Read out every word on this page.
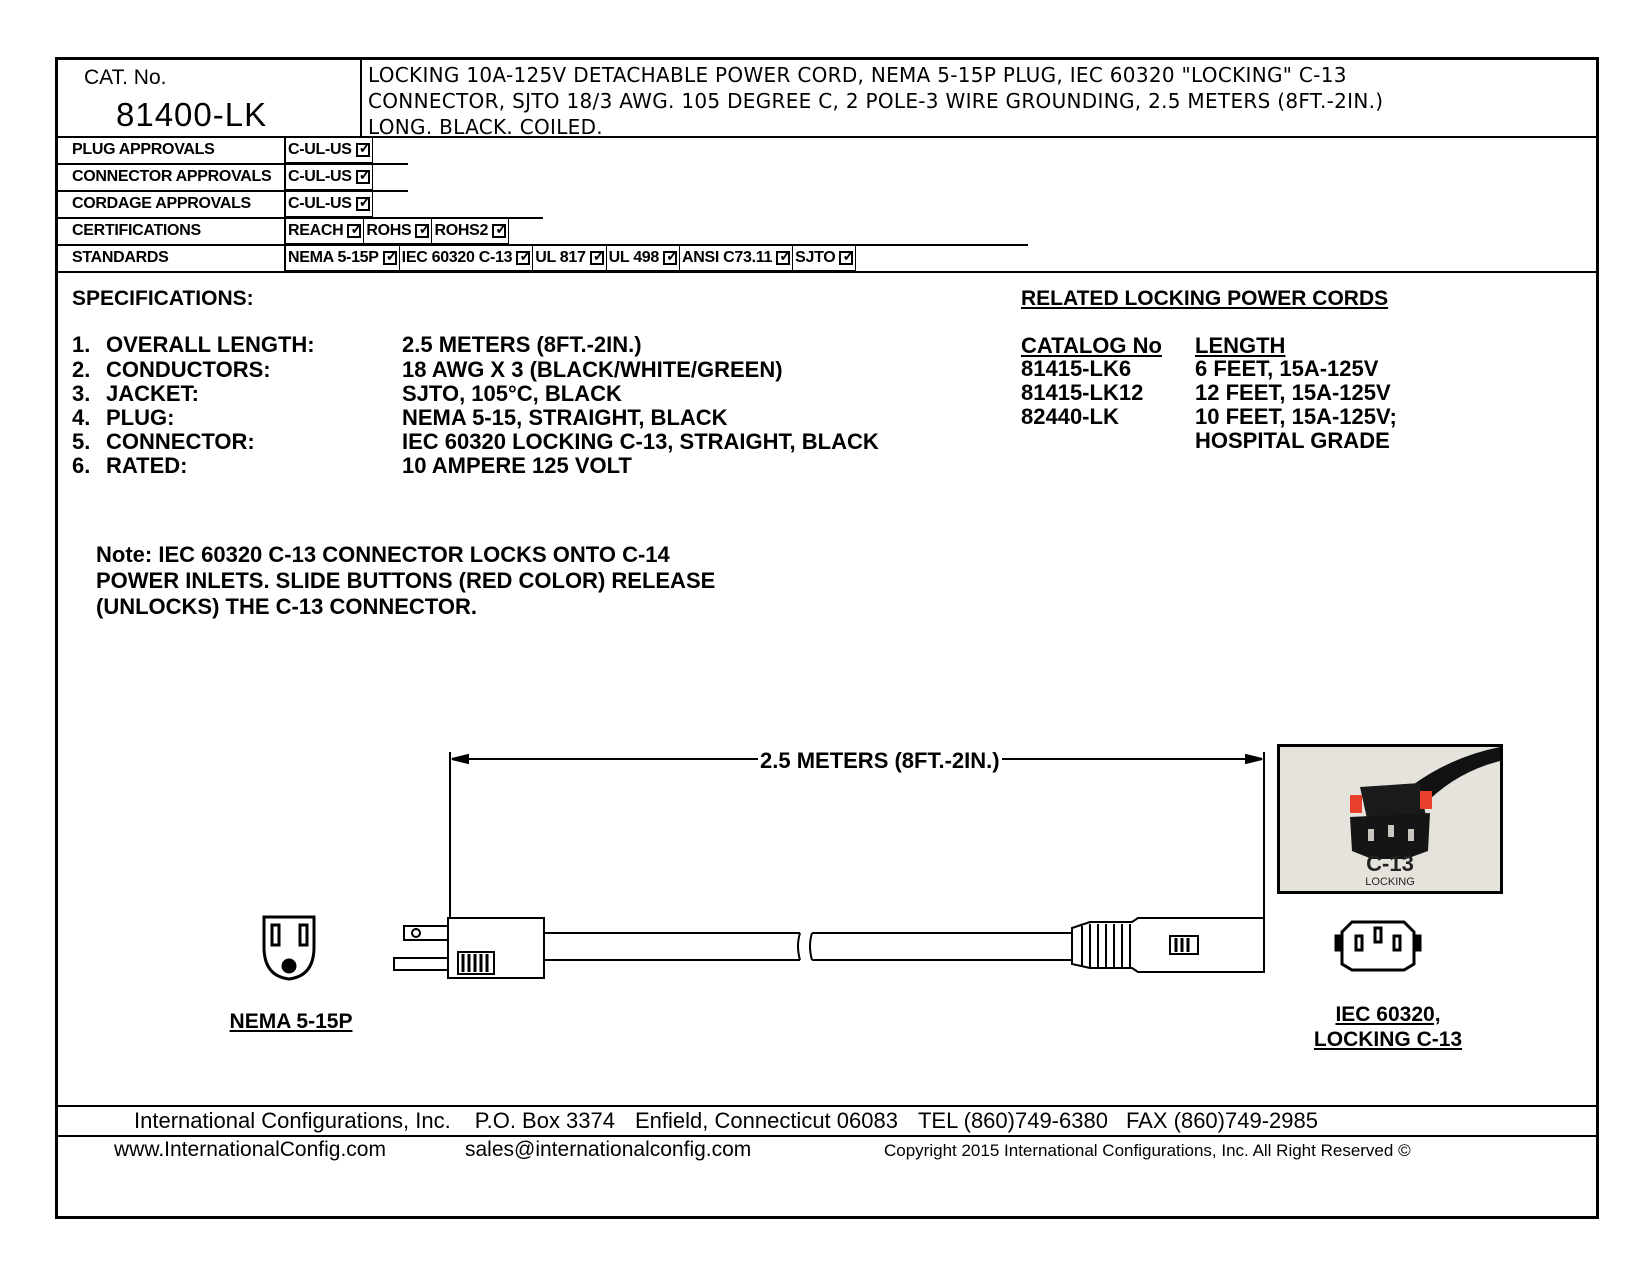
CAT. No.
81400-LK
LOCKING 10A-125V DETACHABLE POWER CORD, NEMA 5-15P PLUG, IEC 60320 "LOCKING" C-13
CONNECTOR, SJTO 18/3 AWG. 105 DEGREE C, 2 POLE-3 WIRE GROUNDING, 2.5 METERS (8FT.-2IN.)
LONG. BLACK. COILED.
PLUG APPROVALS	C-UL-US
✓
CONNECTOR APPROVALS	C-UL-US
✓
CORDAGE APPROVALS	C-UL-US
✓
CERTIFICATIONS	REACH ✓ ROHS ✓ ROHS2
✓
STANDARDS	NEMA 5-15P ✓ IEC 60320 C-13 ✓ UL 817 ✓ UL 498 ✓ ANSI C73.11 ✓ SJTO
✓
SPECIFICATIONS:
1. OVERALL LENGTH:	2.5 METERS (8FT.-2IN.)
2. CONDUCTORS:	18 AWG X 3 (BLACK/WHITE/GREEN)
3. JACKET:	SJTO, 105°C, BLACK
4. PLUG:	NEMA 5-15, STRAIGHT, BLACK
5. CONNECTOR:	IEC 60320 LOCKING C-13, STRAIGHT, BLACK
6. RATED:	10 AMPERE 125 VOLT
RELATED LOCKING POWER CORDS
CATALOG No LENGTH
81415-LK6	6 FEET, 15A-125V
81415-LK12 12 FEET, 15A-125V
82440-LK	10 FEET, 15A-125V;
HOSPITAL GRADE
Note: IEC 60320 C-13 CONNECTOR LOCKS ONTO C-14
POWER INLETS. SLIDE BUTTONS (RED COLOR) RELEASE
(UNLOCKS) THE C-13 CONNECTOR.
2.5 METERS (8FT.-2IN.)
C-13
LOCKING
NEMA 5-15P	IEC 60320,
LOCKING C-13
International Configurations, Inc. P.O. Box 3374 Enfield, Connecticut 06083 TEL (860)749-6380 FAX (860)749-2985
www.InternationalConfig.com	sales@internationalconfig.com	Copyright 2015 International Configurations, Inc. All Right Reserved ©
